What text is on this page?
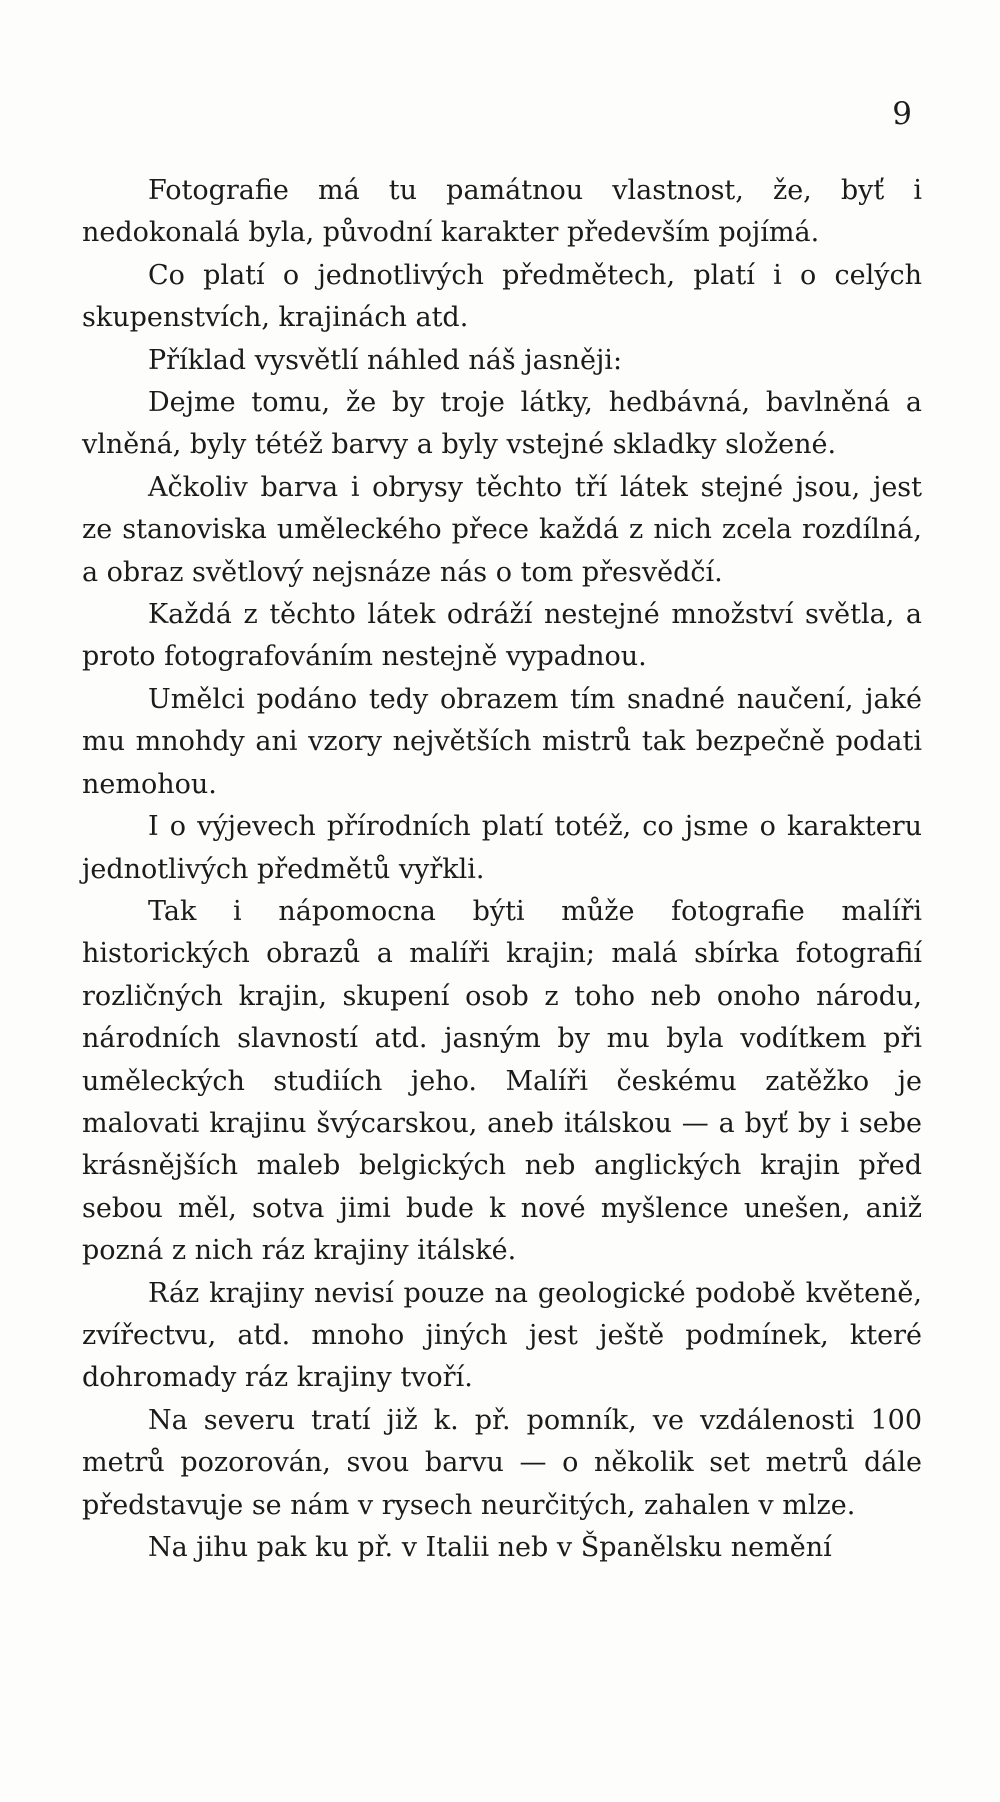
9

Fotografie má tu památnou vlastnost, že, byť i nedokonalá byla, původní karakter především pojímá.

Co platí o jednotlivých předmětech, platí i o celých skupenstvích, krajinách atd.

Příklad vysvětlí náhled náš jasněji:

Dejme tomu, že by troje látky, hedbávná, bavlněná a vlněná, byly tétéž barvy a byly vstejné skladky složené.

Ačkoliv barva i obrysy těchto tří látek stejné jsou, jest ze stanoviska uměleckého přece každá z nich zcela rozdílná, a obraz světlový nejsnáze nás o tom přesvědčí.

Každá z těchto látek odráží nestejné množství světla, a proto fotografováním nestejně vypadnou.

Umělci podáno tedy obrazem tím snadné naučení, jaké mu mnohdy ani vzory největších mistrů tak bezpečně podati nemohou.

I o výjevech přírodních platí totéž, co jsme o karakteru jednotlivých předmětů vyřkli.

Tak i nápomocna býti může fotografie malíři historických obrazů a malíři krajin; malá sbírka fotografií rozličných krajin, skupení osob z toho neb onoho národu, národních slavností atd. jasným by mu byla vodítkem při uměleckých studiích jeho. Malíři českému zatěžko je malovati krajinu švýcarskou, aneb itálskou — a byť by i sebe krásnějších maleb belgických neb anglických krajin před sebou měl, sotva jimi bude k nové myšlence unešen, aniž pozná z nich ráz krajiny itálské.

Ráz krajiny nevisí pouze na geologické podobě květeně, zvířectvu, atd. mnoho jiných jest ještě podmínek, které dohromady ráz krajiny tvoří.

Na severu tratí již k. př. pomník, ve vzdálenosti 100 metrů pozorován, svou barvu — o několik set metrů dále představuje se nám v rysech neurčitých, zahalen v mlze.

Na jihu pak ku př. v Italii neb v Španělsku nemění
